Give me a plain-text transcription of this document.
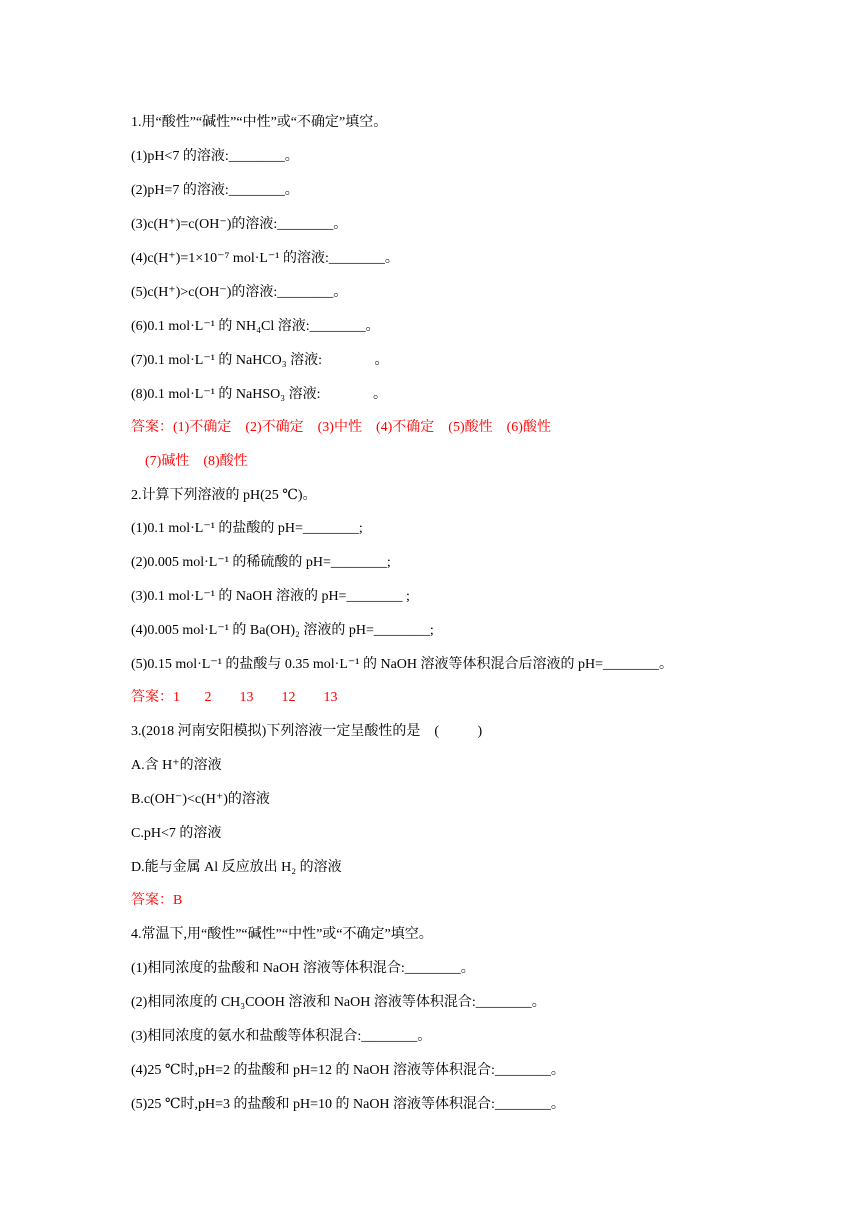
1.用“酸性”“碱性”“中性”或“不确定”填空。
(1)pH<7 的溶液:________。
(2)pH=7 的溶液:________。
(3)c(H⁺)=c(OH⁻)的溶液:________。
(4)c(H⁺)=1×10⁻⁷ mol·L⁻¹ 的溶液:________。
(5)c(H⁺)>c(OH⁻)的溶液:________。
(6)0.1 mol·L⁻¹ 的 NH₄Cl 溶液:________。
(7)0.1 mol·L⁻¹ 的 NaHCO₃ 溶液:               。
(8)0.1 mol·L⁻¹ 的 NaHSO₃ 溶液:               。
答案：(1)不确定    (2)不确定    (3)中性    (4)不确定    (5)酸性    (6)酸性
(7)碱性    (8)酸性
2.计算下列溶液的 pH(25 ℃)。
(1)0.1 mol·L⁻¹ 的盐酸的 pH=________;
(2)0.005 mol·L⁻¹ 的稀硫酸的 pH=________;
(3)0.1 mol·L⁻¹ 的 NaOH 溶液的 pH=________ ;
(4)0.005 mol·L⁻¹ 的 Ba(OH)₂ 溶液的 pH=________;
(5)0.15 mol·L⁻¹ 的盐酸与 0.35 mol·L⁻¹ 的 NaOH 溶液等体积混合后溶液的 pH=________。
答案：1       2        13        12        13
3.(2018 河南安阳模拟)下列溶液一定呈酸性的是    (           )
A.含 H⁺的溶液
B.c(OH⁻)<c(H⁺)的溶液
C.pH<7 的溶液
D.能与金属 Al 反应放出 H₂ 的溶液
答案：B
4.常温下,用“酸性”“碱性”“中性”或“不确定”填空。
(1)相同浓度的盐酸和 NaOH 溶液等体积混合:________。
(2)相同浓度的 CH₃COOH 溶液和 NaOH 溶液等体积混合:________。
(3)相同浓度的氨水和盐酸等体积混合:________。
(4)25 ℃时,pH=2 的盐酸和 pH=12 的 NaOH 溶液等体积混合:________。
(5)25 ℃时,pH=3 的盐酸和 pH=10 的 NaOH 溶液等体积混合:________。
